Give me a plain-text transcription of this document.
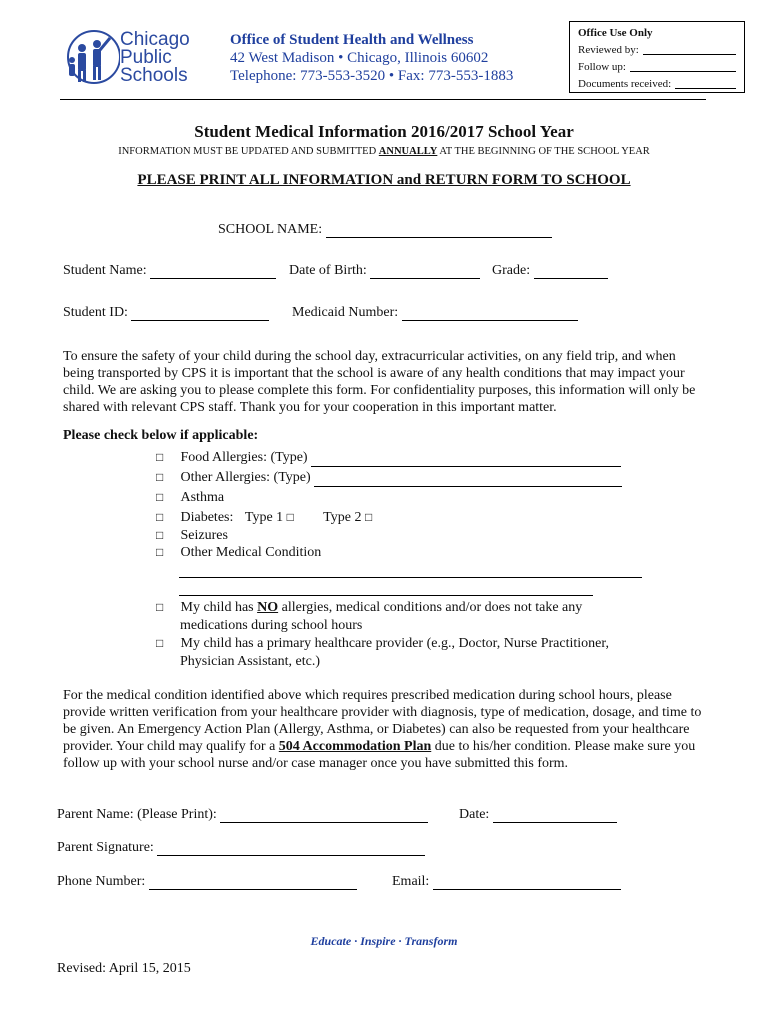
Chicago
Public
Schools
Office of Student Health and Wellness
42 West Madison • Chicago, Illinois 60602
Telephone: 773-553-3520 • Fax: 773-553-1883
Office Use Only
Reviewed by:
Follow up:
Documents received:
Student Medical Information 2016/2017 School Year
INFORMATION MUST BE UPDATED AND SUBMITTED ANNUALLY AT THE BEGINNING OF THE SCHOOL YEAR
PLEASE PRINT ALL INFORMATION and RETURN FORM TO SCHOOL
SCHOOL NAME:
Student Name:	Date of Birth:	Grade:
Student ID:	Medicaid Number:
To ensure the safety of your child during the school day, extracurricular activities, on any field trip, and when being transported by CPS it is important that the school is aware of any health conditions that may impact your child. We are asking you to please complete this form. For confidentiality purposes, this information will only be shared with relevant CPS staff. Thank you for your cooperation in this important matter.
Please check below if applicable:
□ Food Allergies: (Type)
□ Other Allergies: (Type)
□ Asthma
□ Diabetes: Type 1 □ Type 2 □
□ Seizures
□ Other Medical Condition
□ My child has NO allergies, medical conditions and/or does not take any
medications during school hours
□ My child has a primary healthcare provider (e.g., Doctor, Nurse Practitioner,
Physician Assistant, etc.)
For the medical condition identified above which requires prescribed medication during school hours, please provide written verification from your healthcare provider with diagnosis, type of medication, dosage, and time to be given. An Emergency Action Plan (Allergy, Asthma, or Diabetes) can also be requested from your healthcare provider. Your child may qualify for a 504 Accommodation Plan due to his/her condition. Please make sure you follow up with your school nurse and/or case manager once you have submitted this form.
Parent Name: (Please Print):	Date:
Parent Signature:
Phone Number:	Email:
Educate · Inspire · Transform
Revised: April 15, 2015
